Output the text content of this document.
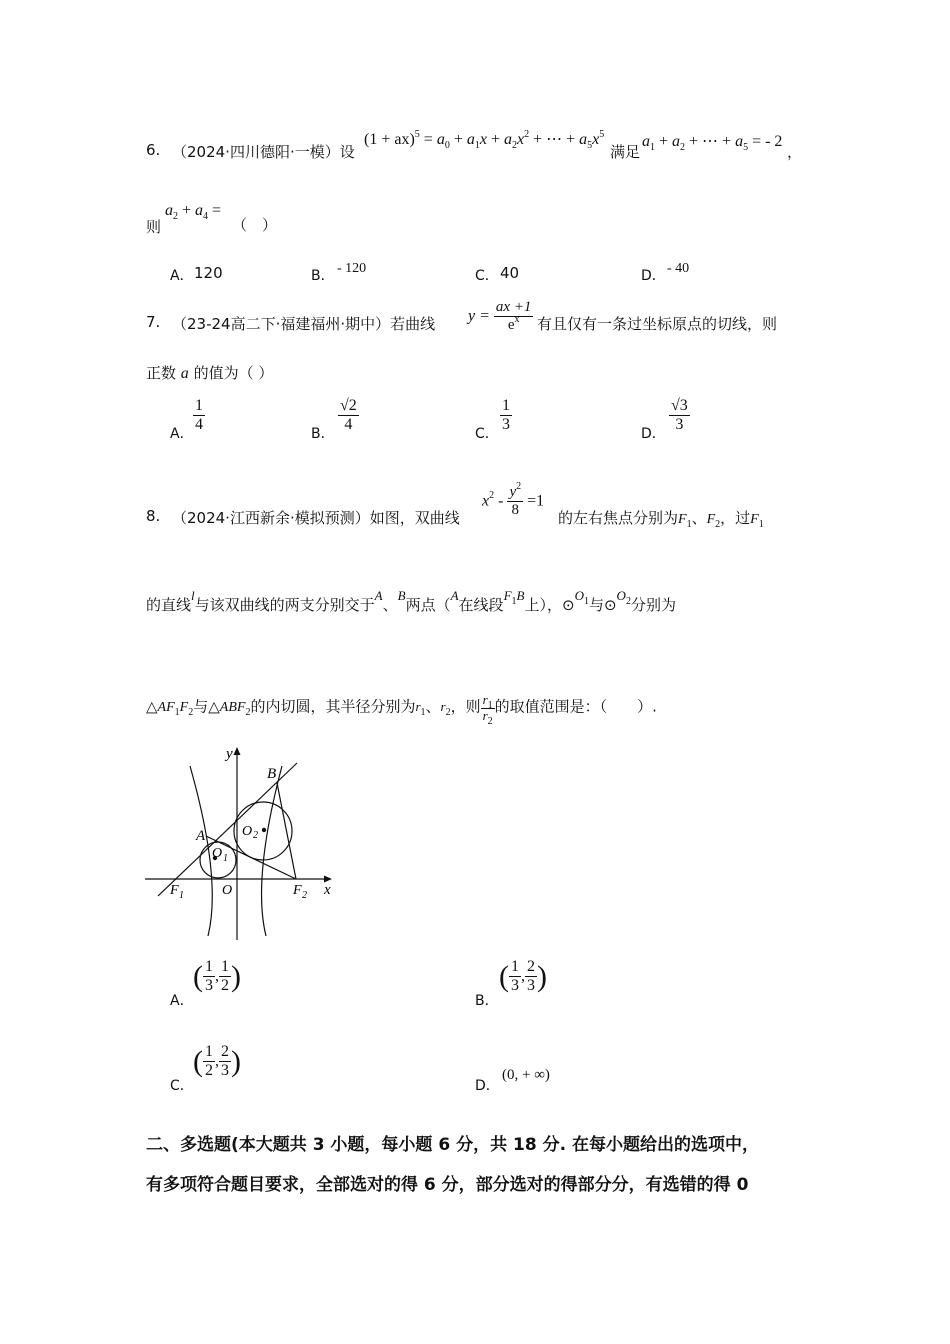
6. （2024·四川德阳·一模）设
$(1 + ax)^5 = a_0 + a_1x + a_2x^2$ + ⋯ + $a_5x^5$
满足
$a_1 + a_2$ + ⋯ + $a_5$ = - 2
，
则
$a_2 + a_4$ =
（　）
A． 120	B． - 120	C． 40	D． - 40
7. （23-24高二下·福建福州·期中）若曲线 $y = \frac{ax +1}{e^x}$ 有且仅有一条过坐标原点的切线，则
正数 a 的值为（ ）
A． $\frac{1}{4}$	B． $\frac{√2}{4}$	C． $\frac{1}{3}$	D． $\frac{√3}{3}$
8. （2024·江西新余·模拟预测）如图，双曲线
$x^2 - \frac{y^2}{8} =1$
的左右焦点分别为$F_1$、$F_2$，过$F_1$
的直线l与该双曲线的两支分别交于A、B两点（A在线段$F_1B$上），$⊙O_1$与$⊙O_2$分别为
$\triangle AF_1F_2$与$\triangle ABF_2$的内切圆，其半径分别为$r_1$、$r_2$，则 $\frac{r_1}{r_2}$ 的取值范围是：（　　）.
y
x
O
A
B
O 1
O 2
F 1	F 2
A．
( $\frac{1}{3}$ , $\frac{1}{2}$ )
B．
( $\frac{1}{3}$ , $\frac{2}{3}$ )
C．
( $\frac{1}{2}$ , $\frac{2}{3}$ )
D．
(0, + ∞)
二、多选题(本大题共 3 小题，每小题 6 分，共 18 分. 在每小题给出的选项中，
有多项符合题目要求，全部选对的得 6 分，部分选对的得部分分，有选错的得 0
